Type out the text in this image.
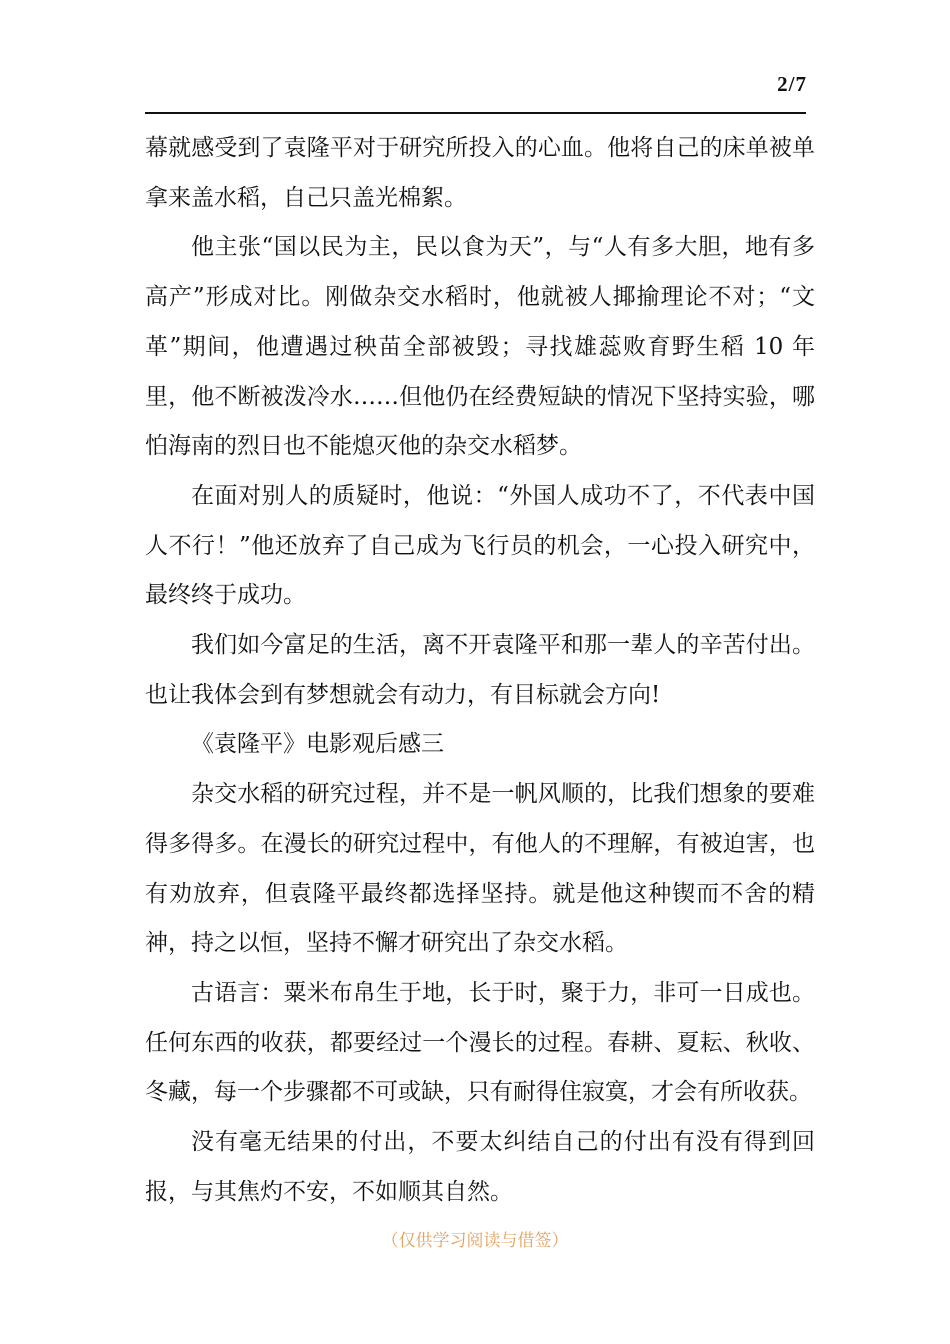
2/7

幕就感受到了袁隆平对于研究所投入的心血。他将自己的床单被单拿来盖水稻，自己只盖光棉絮。

他主张“国以民为主，民以食为天”，与“人有多大胆，地有多高产”形成对比。刚做杂交水稻时，他就被人揶揄理论不对；“文革”期间，他遭遇过秧苗全部被毁；寻找雄蕊败育野生稻 10 年里，他不断被泼冷水……但他仍在经费短缺的情况下坚持实验，哪怕海南的烈日也不能熄灭他的杂交水稻梦。

在面对别人的质疑时，他说：“外国人成功不了，不代表中国人不行！”他还放弃了自己成为飞行员的机会，一心投入研究中，最终终于成功。

我们如今富足的生活，离不开袁隆平和那一辈人的辛苦付出。也让我体会到有梦想就会有动力，有目标就会方向!

《袁隆平》电影观后感三

杂交水稻的研究过程，并不是一帆风顺的，比我们想象的要难得多得多。在漫长的研究过程中，有他人的不理解，有被迫害，也有劝放弃，但袁隆平最终都选择坚持。就是他这种锲而不舍的精神，持之以恒，坚持不懈才研究出了杂交水稻。

古语言：粟米布帛生于地，长于时，聚于力，非可一日成也。任何东西的收获，都要经过一个漫长的过程。春耕、夏耘、秋收、冬藏，每一个步骤都不可或缺，只有耐得住寂寞，才会有所收获。

没有毫无结果的付出，不要太纠结自己的付出有没有得到回报，与其焦灼不安，不如顺其自然。

（仅供学习阅读与借签）
